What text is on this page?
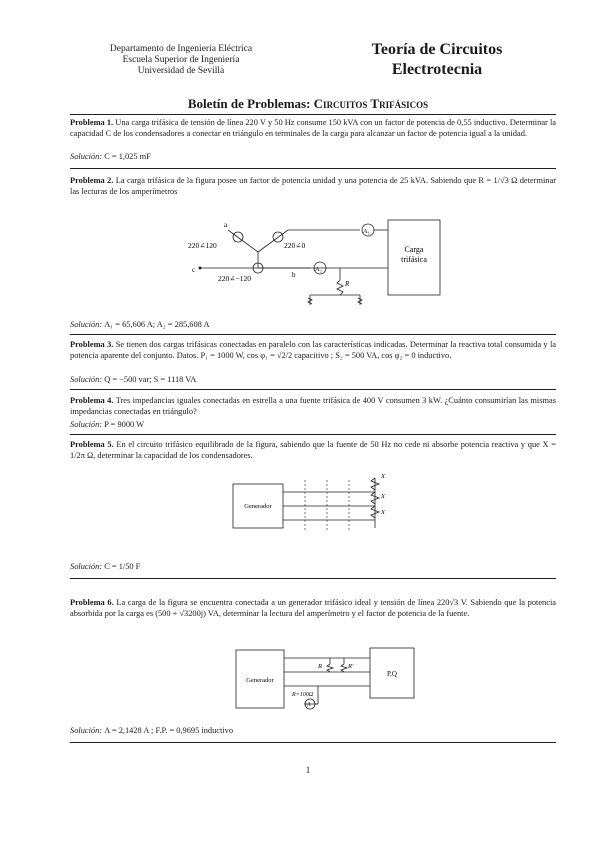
Departamento de Ingeniería Eléctrica
Escuela Superior de Ingeniería
Universidad de Sevilla
Teoría de Circuitos
Electrotecnia
Boletín de Problemas: Circuitos Trifásicos
Problema 1. Una carga trifásica de tensión de línea 220 V y 50 Hz consume 150 kVA con un factor de potencia de 0,55 inductivo. Determinar la capacidad C de los condensadores a conectar en triángulo en terminales de la carga para alcanzar un factor de potencia igual a la unidad.
Solución: C = 1,025 mF
Problema 2. La carga trifásica de la figura posee un factor de potencia unidad y una potencia de 25 kVA. Sabiendo que R = 1/√3 Ω determinar las lecturas de los amperímetros
220∠120	220∠0
220∠−120
a
b
c
A₁
A₂
R
Carga
trifásica
Solución: A₁ = 65,606 A; A₂ = 285,608 A
Problema 3. Se tienen dos cargas trifásicas conectadas en paralelo con las características indicadas. Determinar la reactiva total consumida y la potencia aparente del conjunto. Datos. P₁ = 1000 W, cos φ₁ = √2/2 capacitivo ; S₂ = 500 VA, cos φ₂ = 0 inductivo.
Solución: Q = −500 var; S = 1118 VA
Problema 4. Tres impedancias iguales conectadas en estrella a una fuente trifásica de 400 V consumen 3 kW. ¿Cuánto consumirían las mismas impedancias conectadas en triángulo?
Solución: P = 9000 W
Problema 5. En el circuito trifásico equilibrado de la figura, sabiendo que la fuente de 50 Hz no cede ni absorbe potencia reactiva y que X = 1/2π Ω, determinar la capacidad de los condensadores.
Generador
X
X
X
Solución: C = 1/50 F
Problema 6. La carga de la figura se encuentra conectada a un generador trifásico ideal y tensión de línea 220√3 V. Sabiendo que la potencia absorbida por la carga es (500 + √3200j) VA, determinar la lectura del amperímetro y el factor de potencia de la fuente.
Generador
R	R'
R=100Ω
A
P,Q
Solución: A = 2,1428 A ; F.P. = 0,9695 inductivo
1
